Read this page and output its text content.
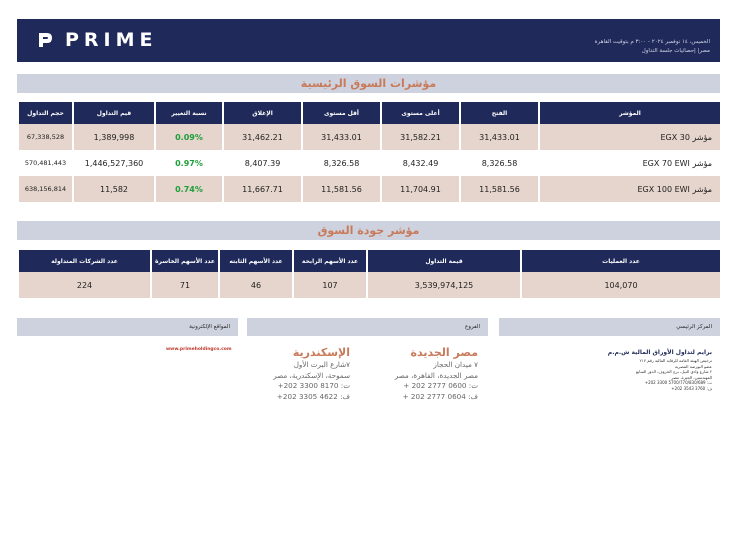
PRIME	الخميس، ١٤ نوفمبر ٢٠٢٤ - ٣:٠٠ م بتوقيت القاهرة
مصر| إحصائيات جلسة التداول
مؤشرات السوق الرئيسية
المؤشر	الفتح	أعلى مستوى	أقل مستوى	الإغلاق	نسبة التغيير	قيم التداول	حجم التداول
مؤشر EGX 30	31,433.01	31,582.21	31,433.01	31,462.21	0.09%	1,389,998	67,338,528
مؤشر EGX 70 EWI	8,326.58	8,432.49	8,326.58	8,407.39	0.97%	1,446,527,360	570,481,443
مؤشر EGX 100 EWI	11,581.56	11,704.91	11,581.56	11,667.71	0.74%	11,582	638,156,814
مؤشر جودة السوق
عدد العمليات	قيمة التداول	عدد الأسهم الرابحة	عدد الأسهم الثابته	عدد الأسهم الخاسرة	عدد الشركات المتداولة
104,070	3,539,974,125	107	46	71	224
المركز الرئيسي
الفروع
المواقع الإلكترونية
برايم لتداول الأوراق المالية ش.م.م
ترخيص الهيئة العامة للرقابة المالية رقم ٢١٧
عضو البورصة المصرية
٢ شارع وادي النيل، برج الخروف، الدور السابع
المهندسين، الجيزة، مصر
ت: 5700/770/830/689 3300 202+
ف: 3760 3543 202+
مصر الجديدة
٧ ميدان الحجاز
مصر الجديدة، القاهرة، مصر
ت: 0600 2777 202 +
ف: 0604 2777 202 +
الإسكندرية
٧شارع البرت الأول
سموحة، الإسكندرية، مصر
ت: 8170 3300 202+
ف: 4622 3305 202+
www.primeholdingco.com
